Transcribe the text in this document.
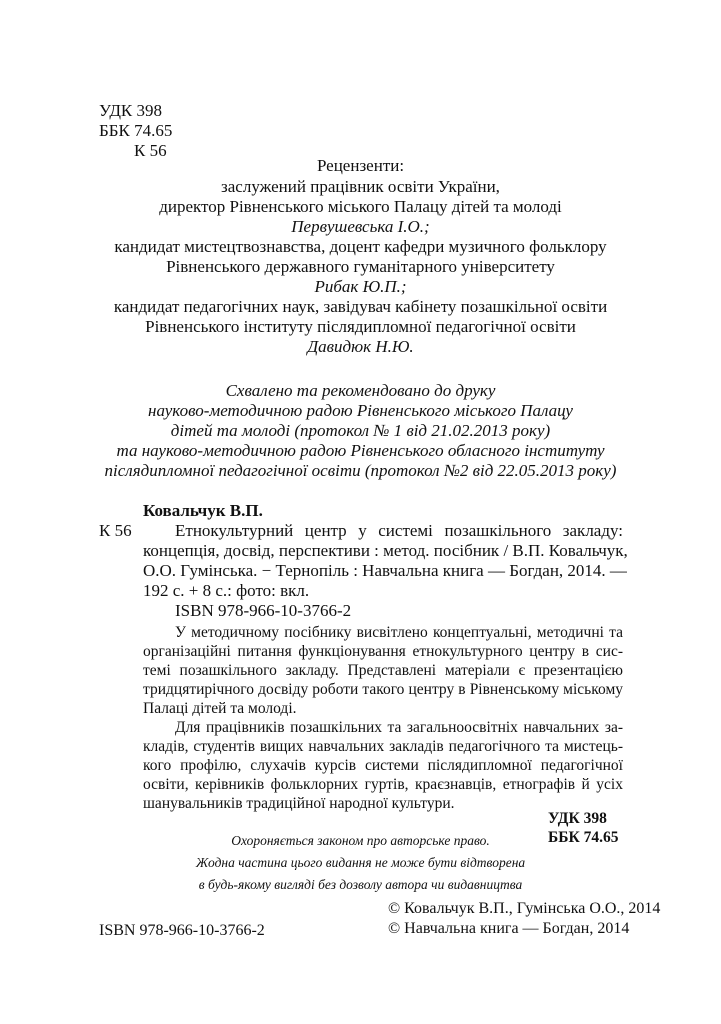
УДК 398
ББК 74.65
К 56
Рецензенти:
заслужений працівник освіти України,
директор Рівненського міського Палацу дітей та молоді
Первушевська І.О.;
кандидат мистецтвознавства, доцент кафедри музичного фольклору
Рівненського державного гуманітарного університету
Рибак Ю.П.;
кандидат педагогічних наук, завідувач кабінету позашкільної освіти
Рівненського інституту післядипломної педагогічної освіти
Давидюк Н.Ю.
Схвалено та рекомендовано до друку
науково-методичною радою Рівненського міського Палацу
дітей та молоді (протокол № 1 від 21.02.2013 року)
та науково-методичною радою Рівненського обласного інституту
післядипломної педагогічної освіти (протокол №2 від 22.05.2013 року)
Ковальчук В.П.
К 56	Етнокультурний центр у системі позашкільного закладу:
концепція, досвід, перспективи : метод. посібник / В.П. Ковальчук,
О.О. Гумінська. − Тернопіль : Навчальна книга — Богдан, 2014. —
192 с. + 8 с.: фото: вкл.
ISBN 978-966-10-3766-2
У методичному посібнику висвітлено концептуальні, методичні та
організаційні питання функціонування етнокультурного центру в сис-
темі позашкільного закладу. Представлені матеріали є презентацією
тридцятирічного досвіду роботи такого центру в Рівненському міському
Палаці дітей та молоді.
Для працівників позашкільних та загальноосвітніх навчальних за-
кладів, студентів вищих навчальних закладів педагогічного та мистець-
кого профілю, слухачів курсів системи післядипломної педагогічної
освіти, керівників фольклорних гуртів, краєзнавців, етнографів й усіх
шанувальників традиційної народної культури.
УДК 398
ББК 74.65
Охороняється законом про авторське право.
Жодна частина цього видання не може бути відтворена
в будь-якому вигляді без дозволу автора чи видавництва
ISBN 978-966-10-3766-2
© Ковальчук В.П., Гумінська О.О., 2014
© Навчальна книга — Богдан, 2014
